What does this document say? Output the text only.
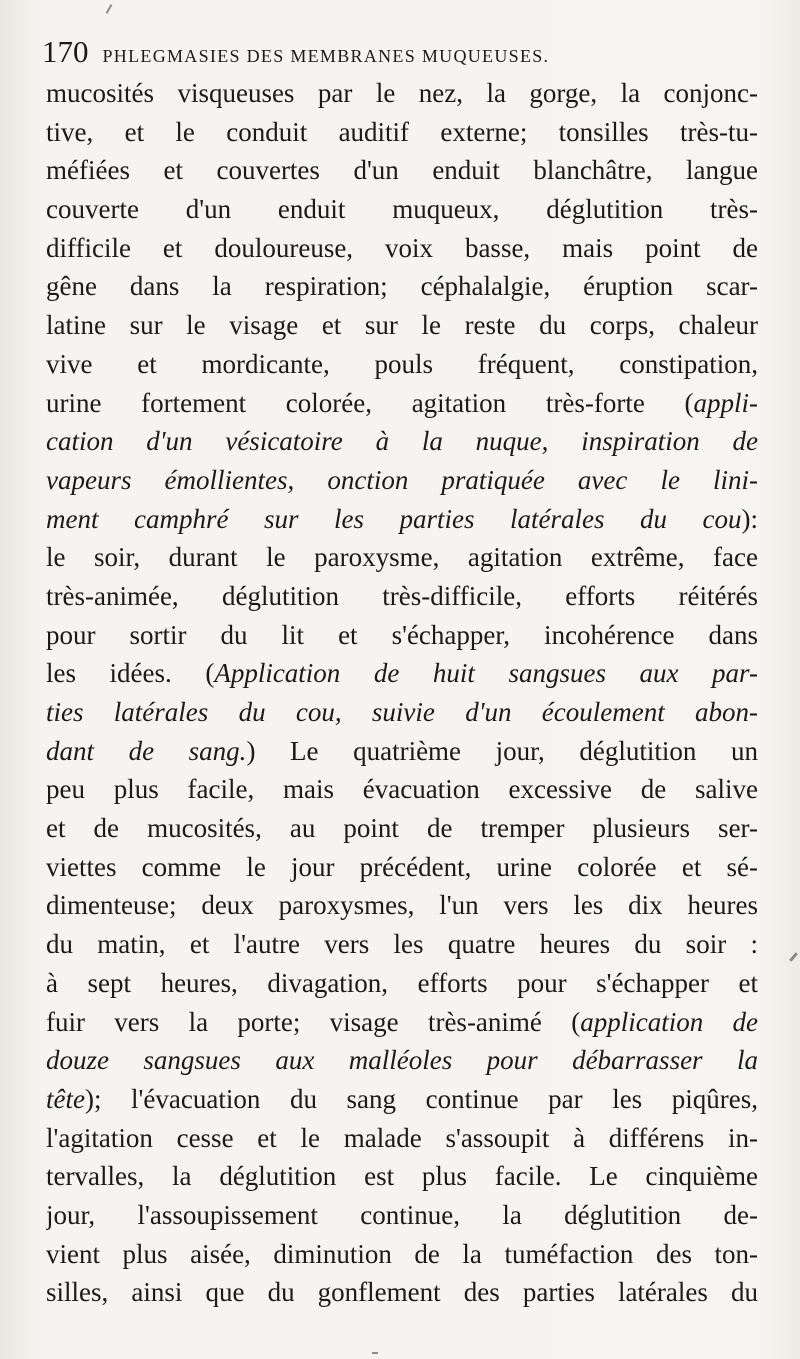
170 PHLEGMASIES DES MEMBRANES MUQUEUSES.
mucosités visqueuses par le nez, la gorge, la conjonc-
tive, et le conduit auditif externe; tonsilles très-tu-
méfiées et couvertes d'un enduit blanchâtre, langue
couverte d'un enduit muqueux, déglutition très-
difficile et douloureuse, voix basse, mais point de
gêne dans la respiration; céphalalgie, éruption scar-
latine sur le visage et sur le reste du corps, chaleur
vive et mordicante, pouls fréquent, constipation,
urine fortement colorée, agitation très-forte (appli-
cation d'un vésicatoire à la nuque, inspiration de
vapeurs émollientes, onction pratiquée avec le lini-
ment camphré sur les parties latérales du cou):
le soir, durant le paroxysme, agitation extrême, face
très-animée, déglutition très-difficile, efforts réitérés
pour sortir du lit et s'échapper, incohérence dans
les idées. (Application de huit sangsues aux par-
ties latérales du cou, suivie d'un écoulement abon-
dant de sang.) Le quatrième jour, déglutition un
peu plus facile, mais évacuation excessive de salive
et de mucosités, au point de tremper plusieurs ser-
viettes comme le jour précédent, urine colorée et sé-
dimenteuse; deux paroxysmes, l'un vers les dix heures
du matin, et l'autre vers les quatre heures du soir :
à sept heures, divagation, efforts pour s'échapper et
fuir vers la porte; visage très-animé (application de
douze sangsues aux malléoles pour débarrasser la
tête); l'évacuation du sang continue par les piqûres,
l'agitation cesse et le malade s'assoupit à différens in-
tervalles, la déglutition est plus facile. Le cinquième
jour, l'assoupissement continue, la déglutition de-
vient plus aisée, diminution de la tuméfaction des ton-
silles, ainsi que du gonflement des parties latérales du
